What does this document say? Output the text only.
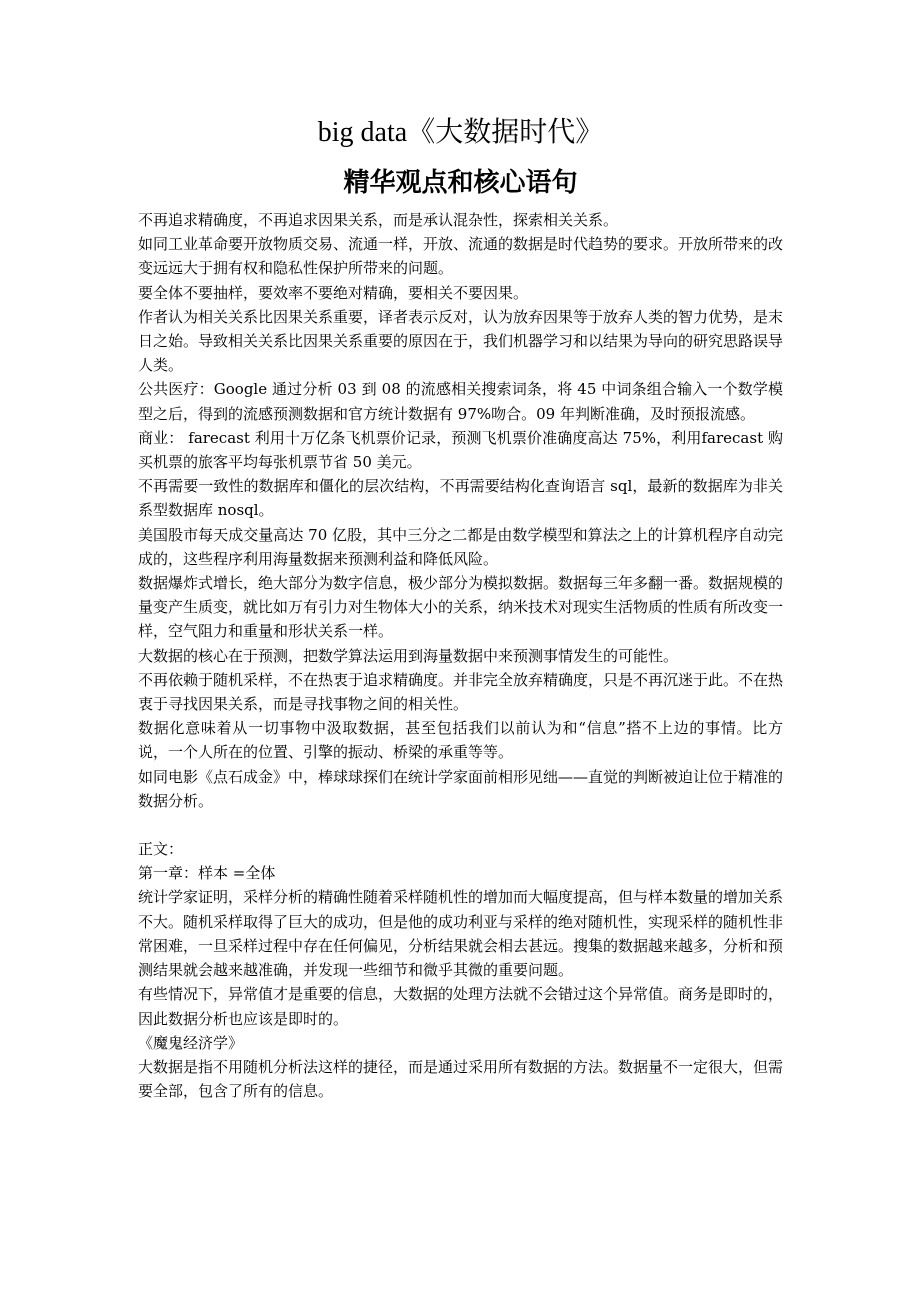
big data《大数据时代》
精华观点和核心语句

不再追求精确度，不再追求因果关系，而是承认混杂性，探索相关关系。

如同工业革命要开放物质交易、流通一样，开放、流通的数据是时代趋势的要求。开放所带来的改变远远大于拥有权和隐私性保护所带来的问题。

要全体不要抽样，要效率不要绝对精确，要相关不要因果。

作者认为相关关系比因果关系重要，译者表示反对，认为放弃因果等于放弃人类的智力优势，是末日之始。导致相关关系比因果关系重要的原因在于，我们机器学习和以结果为导向的研究思路误导人类。

公共医疗：Google 通过分析 03 到 08 的流感相关搜索词条，将 45 中词条组合输入一个数学模型之后，得到的流感预测数据和官方统计数据有 97%吻合。09 年判断准确，及时预报流感。

商业： farecast 利用十万亿条飞机票价记录，预测飞机票价准确度高达 75%，利用farecast 购买机票的旅客平均每张机票节省 50 美元。

不再需要一致性的数据库和僵化的层次结构，不再需要结构化查询语言 sql，最新的数据库为非关系型数据库 nosql。

美国股市每天成交量高达 70 亿股，其中三分之二都是由数学模型和算法之上的计算机程序自动完成的，这些程序利用海量数据来预测利益和降低风险。

数据爆炸式增长，绝大部分为数字信息，极少部分为模拟数据。数据每三年多翻一番。数据规模的量变产生质变，就比如万有引力对生物体大小的关系，纳米技术对现实生活物质的性质有所改变一样，空气阻力和重量和形状关系一样。

大数据的核心在于预测，把数学算法运用到海量数据中来预测事情发生的可能性。

不再依赖于随机采样，不在热衷于追求精确度。并非完全放弃精确度，只是不再沉迷于此。不在热衷于寻找因果关系，而是寻找事物之间的相关性。

数据化意味着从一切事物中汲取数据，甚至包括我们以前认为和“信息”搭不上边的事情。比方说，一个人所在的位置、引擎的振动、桥梁的承重等等。

如同电影《点石成金》中，棒球球探们在统计学家面前相形见绌——直觉的判断被迫让位于精准的数据分析。

正文：

第一章：样本 =全体

统计学家证明，采样分析的精确性随着采样随机性的增加而大幅度提高，但与样本数量的增加关系不大。随机采样取得了巨大的成功，但是他的成功利亚与采样的绝对随机性，实现采样的随机性非常困难，一旦采样过程中存在任何偏见，分析结果就会相去甚远。搜集的数据越来越多，分析和预测结果就会越来越准确，并发现一些细节和微乎其微的重要问题。

有些情况下，异常值才是重要的信息，大数据的处理方法就不会错过这个异常值。商务是即时的，因此数据分析也应该是即时的。

《魔鬼经济学》

大数据是指不用随机分析法这样的捷径，而是通过采用所有数据的方法。数据量不一定很大，但需要全部，包含了所有的信息。
